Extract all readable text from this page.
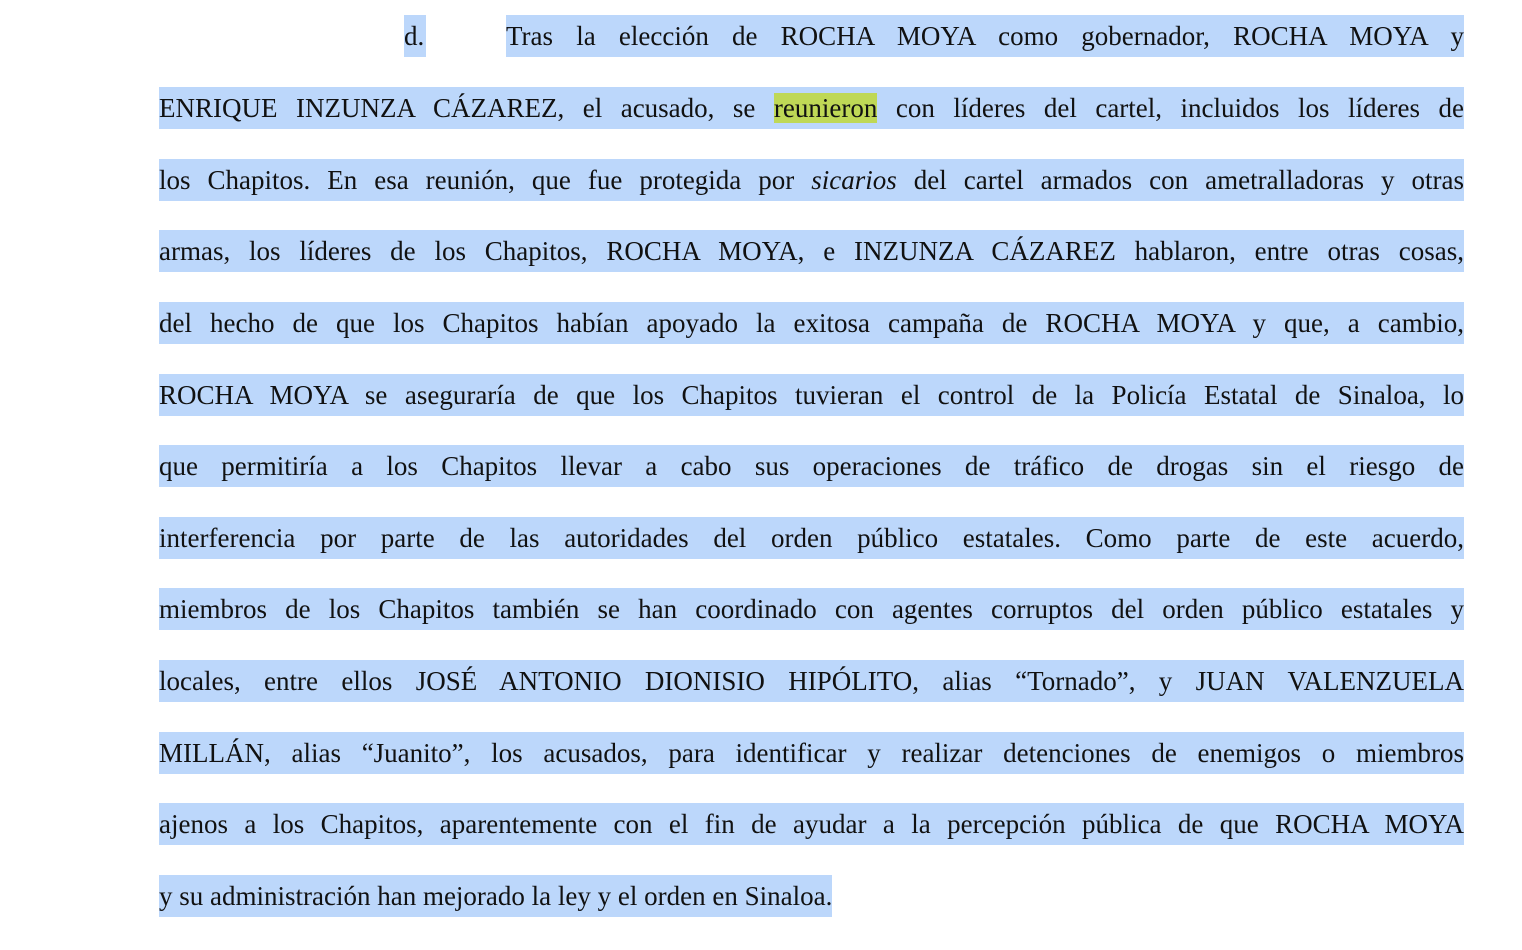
d.	Tras la elección de ROCHA MOYA como gobernador, ROCHA MOYA y
ENRIQUE INZUNZA CÁZAREZ, el acusado, se reunieron con líderes del cartel, incluidos los líderes de
los Chapitos. En esa reunión, que fue protegida por sicarios del cartel armados con ametralladoras y otras
armas, los líderes de los Chapitos, ROCHA MOYA, e INZUNZA CÁZAREZ hablaron, entre otras cosas,
del hecho de que los Chapitos habían apoyado la exitosa campaña de ROCHA MOYA y que, a cambio,
ROCHA MOYA se aseguraría de que los Chapitos tuvieran el control de la Policía Estatal de Sinaloa, lo
que permitiría a los Chapitos llevar a cabo sus operaciones de tráfico de drogas sin el riesgo de
interferencia por parte de las autoridades del orden público estatales. Como parte de este acuerdo,
miembros de los Chapitos también se han coordinado con agentes corruptos del orden público estatales y
locales, entre ellos JOSÉ ANTONIO DIONISIO HIPÓLITO, alias “Tornado”, y JUAN VALENZUELA
MILLÁN, alias “Juanito”, los acusados, para identificar y realizar detenciones de enemigos o miembros
ajenos a los Chapitos, aparentemente con el fin de ayudar a la percepción pública de que ROCHA MOYA
y su administración han mejorado la ley y el orden en Sinaloa.
